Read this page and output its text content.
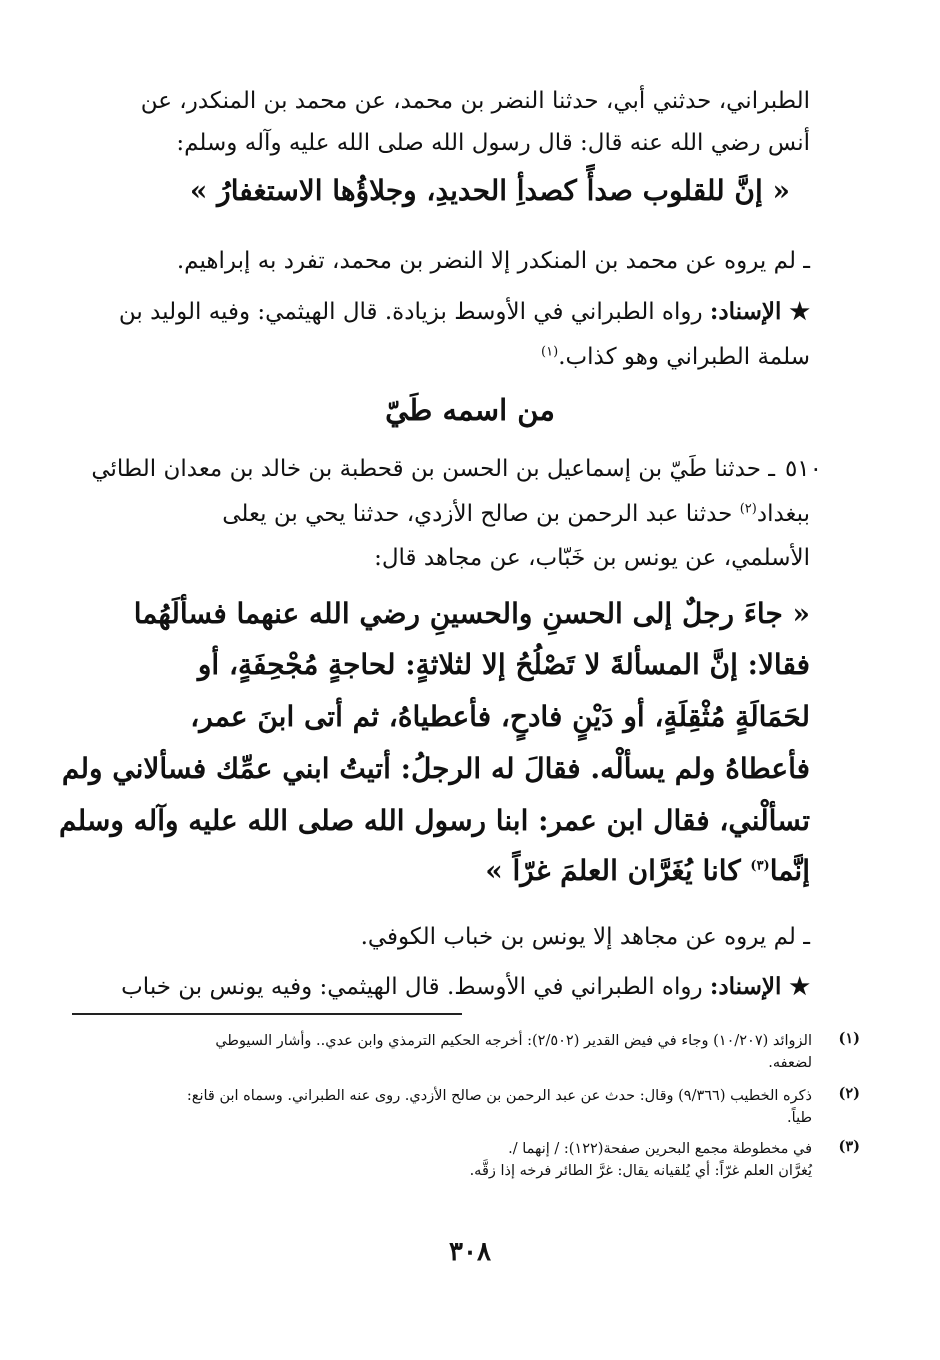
الطبراني، حدثني أبي، حدثنا النضر بن محمد، عن محمد بن المنكدر، عن
أنس رضي الله عنه قال: قال رسول الله صلى الله عليه وآله وسلم:
« إنَّ للقلوب صدأً كصدأِ الحديدِ، وجلاؤُها الاستغفارُ »
ـ لم يروه عن محمد بن المنكدر إلا النضر بن محمد، تفرد به إبراهيم.
★ الإسناد: رواه الطبراني في الأوسط بزيادة. قال الهيثمي: وفيه الوليد بن
سلمة الطبراني وهو كذاب.$^{(١)}$
من اسمه طَيّ
٥١٠
ـ حدثنا طَيّ بن إسماعيل بن الحسن بن قحطبة بن خالد بن معدان الطائي
ببغداد$^{(٢)}$ حدثنا عبد الرحمن بن صالح الأزدي، حدثنا يحي بن يعلى
الأسلمي، عن يونس بن خَبّاب، عن مجاهد قال:
« جاءَ رجلٌ إلى الحسنِ والحسينِ رضي الله عنهما فسألَهُما
فقالا: إنَّ المسألةَ لا تَصْلُحُ إلا لثلاثةٍ: لحاجةٍ مُجْحِفَةٍ، أو
لحَمَالَةٍ مُثْقِلَةٍ، أو دَيْنٍ فادحٍ، فأعطياهُ، ثم أتى ابنَ عمر،
فأعطاهُ ولم يسألْه. فقالَ له الرجلُ: أتيتُ ابني عمِّك فسألاني ولم
تسألْني، فقال ابن عمر: ابنا رسول الله صلى الله عليه وآله وسلم
إنَّما$^{(٣)}$ كانا يُغَرَّان العلمَ غرّاً »
ـ لم يروه عن مجاهد إلا يونس بن خباب الكوفي.
★ الإسناد: رواه الطبراني في الأوسط. قال الهيثمي: وفيه يونس بن خباب
(١)
الزوائد (١٠/٢٠٧) وجاء في فيض القدير (٢/٥٠٢): أخرجه الحكيم الترمذي وابن عدي.. وأشار السيوطي
لضعفه.
(٢)
ذكره الخطيب (٩/٣٦٦) وقال: حدث عن عبد الرحمن بن صالح الأزدي. روى عنه الطبراني. وسماه ابن قانع:
طياً.
(٣)
في مخطوطة مجمع البحرين صفحة(١٢٢): / إنهما /.
يُغرَّان العلم غرّاً: أي يُلقيانه يقال: غرَّ الطائر فرخه إذا زقَّه.
٣٠٨
